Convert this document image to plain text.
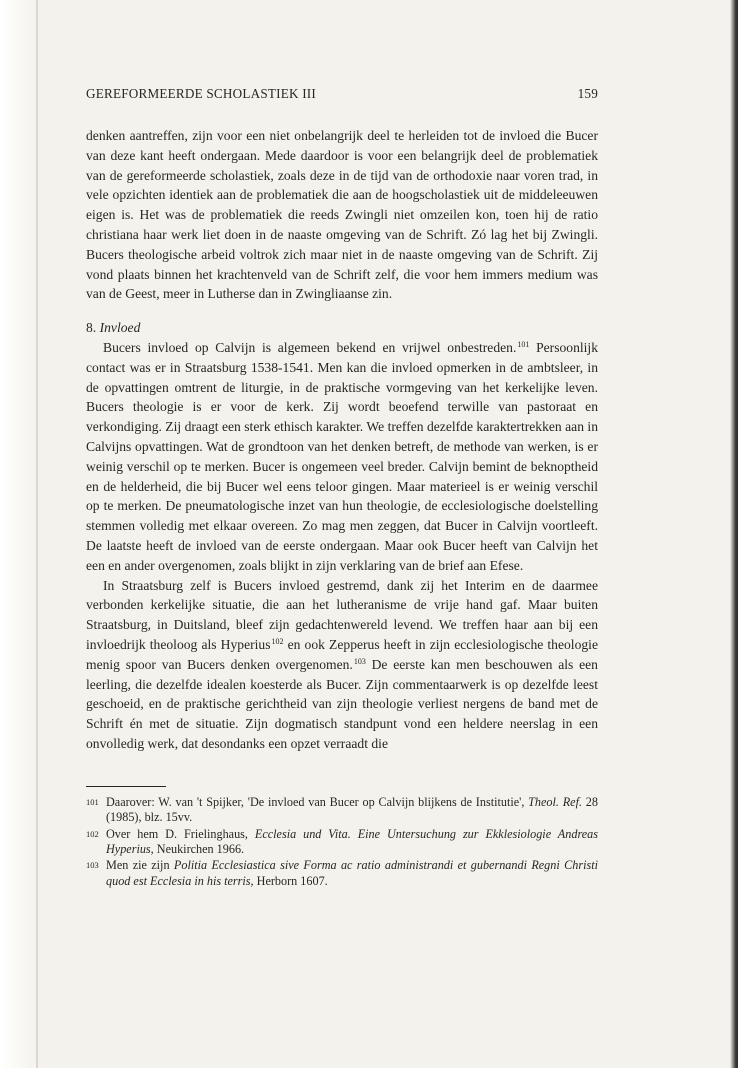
GEREFORMEERDE SCHOLASTIEK III	159

denken aantreffen, zijn voor een niet onbelangrijk deel te herleiden tot de invloed die Bucer van deze kant heeft ondergaan. Mede daardoor is voor een belangrijk deel de problematiek van de gereformeerde scholastiek, zoals deze in de tijd van de orthodoxie naar voren trad, in vele opzichten identiek aan de problematiek die aan de hoogscholastiek uit de middeleeuwen eigen is. Het was de problematiek die reeds Zwingli niet omzeilen kon, toen hij de ratio christiana haar werk liet doen in de naaste omgeving van de Schrift. Zó lag het bij Zwingli. Bucers theologische arbeid voltrok zich maar niet in de naaste omgeving van de Schrift. Zij vond plaats binnen het krachtenveld van de Schrift zelf, die voor hem immers medium was van de Geest, meer in Lutherse dan in Zwingliaanse zin.

8. Invloed

Bucers invloed op Calvijn is algemeen bekend en vrijwel onbestreden.$^{101}$ Persoonlijk contact was er in Straatsburg 1538-1541. Men kan die invloed opmerken in de ambtsleer, in de opvattingen omtrent de liturgie, in de praktische vormgeving van het kerkelijke leven. Bucers theologie is er voor de kerk. Zij wordt beoefend terwille van pastoraat en verkondiging. Zij draagt een sterk ethisch karakter. We treffen dezelfde karaktertrekken aan in Calvijns opvattingen. Wat de grondtoon van het denken betreft, de methode van werken, is er weinig verschil op te merken. Bucer is ongemeen veel breder. Calvijn bemint de beknoptheid en de helderheid, die bij Bucer wel eens teloor gingen. Maar materieel is er weinig verschil op te merken. De pneumatologische inzet van hun theologie, de ecclesiologische doelstelling stemmen volledig met elkaar overeen. Zo mag men zeggen, dat Bucer in Calvijn voortleeft. De laatste heeft de invloed van de eerste ondergaan. Maar ook Bucer heeft van Calvijn het een en ander overgenomen, zoals blijkt in zijn verklaring van de brief aan Efese.

In Straatsburg zelf is Bucers invloed gestremd, dank zij het Interim en de daarmee verbonden kerkelijke situatie, die aan het lutheranisme de vrije hand gaf. Maar buiten Straatsburg, in Duitsland, bleef zijn gedachtenwereld levend. We treffen haar aan bij een invloedrijk theoloog als Hyperius$^{102}$ en ook Zepperus heeft in zijn ecclesiologische theologie menig spoor van Bucers denken overgenomen.$^{103}$ De eerste kan men beschouwen als een leerling, die dezelfde idealen koesterde als Bucer. Zijn commentaarwerk is op dezelfde leest geschoeid, en de praktische gerichtheid van zijn theologie verliest nergens de band met de Schrift én met de situatie. Zijn dogmatisch standpunt vond een heldere neerslag in een onvolledig werk, dat desondanks een opzet verraadt die

101 Daarover: W. van 't Spijker, 'De invloed van Bucer op Calvijn blijkens de Institutie', Theol. Ref. 28 (1985), blz. 15vv.
102 Over hem D. Frielinghaus, Ecclesia und Vita. Eine Untersuchung zur Ekklesiologie Andreas Hyperius, Neukirchen 1966.
103 Men zie zijn Politia Ecclesiastica sive Forma ac ratio administrandi et gubernandi Regni Christi quod est Ecclesia in his terris, Herborn 1607.
